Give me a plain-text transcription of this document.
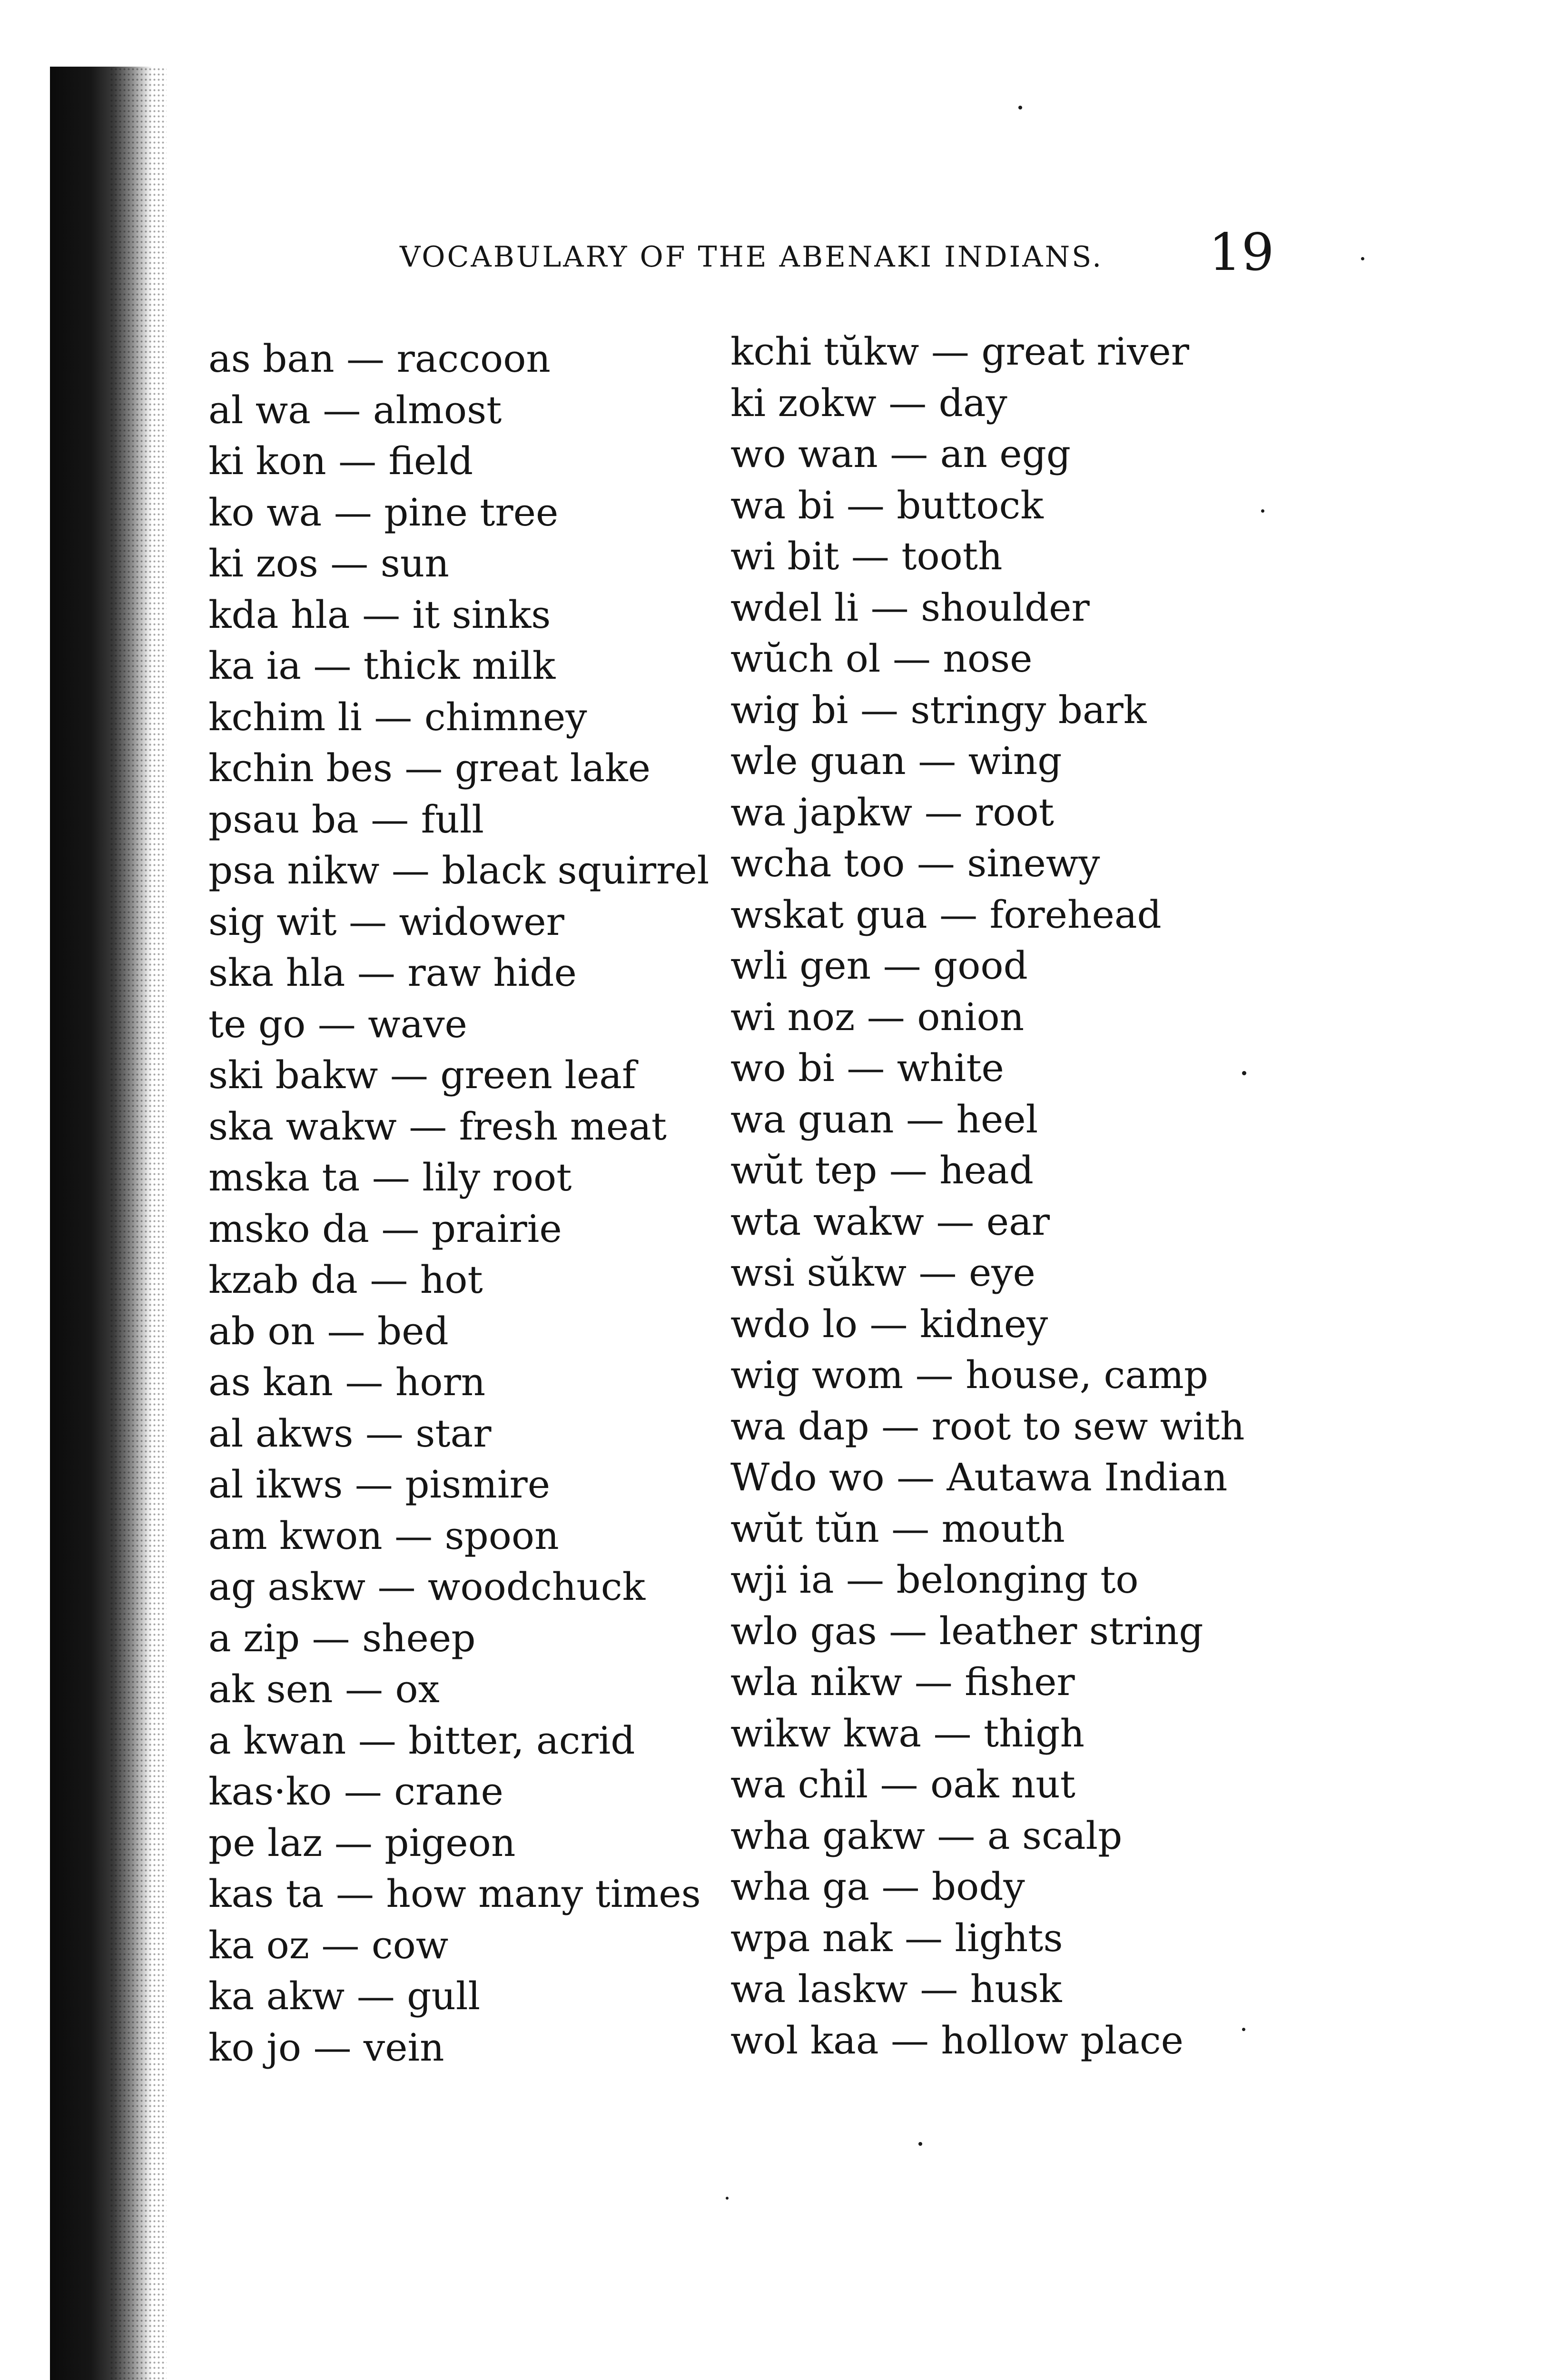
VOCABULARY OF THE ABENAKI INDIANS. 19
as ban — raccoon
al wa — almost
ki kon — field
ko wa — pine tree
ki zos — sun
kda hla — it sinks
ka ia — thick milk
kchim li — chimney
kchin bes — great lake
psau ba — full
psa nikw — black squirrel
sig wit — widower
ska hla — raw hide
te go — wave
ski bakw — green leaf
ska wakw — fresh meat
mska ta — lily root
msko da — prairie
kzab da — hot
ab on — bed
as kan — horn
al akws — star
al ikws — pismire
am kwon — spoon
ag askw — woodchuck
a zip — sheep
ak sen — ox
a kwan — bitter, acrid
kas·ko — crane
pe laz — pigeon
kas ta — how many times
ka oz — cow
ka akw — gull
ko jo — vein
kchi tŭkw — great river
ki zokw — day
wo wan — an egg
wa bi — buttock
wi bit — tooth
wdel li — shoulder
wŭch ol — nose
wig bi — stringy bark
wle guan — wing
wa japkw — root
wcha too — sinewy
wskat gua — forehead
wli gen — good
wi noz — onion
wo bi — white
wa guan — heel
wŭt tep — head
wta wakw — ear
wsi sŭkw — eye
wdo lo — kidney
wig wom — house, camp
wa dap — root to sew with
Wdo wo — Autawa Indian
wŭt tŭn — mouth
wji ia — belonging to
wlo gas — leather string
wla nikw — fisher
wikw kwa — thigh
wa chil — oak nut
wha gakw — a scalp
wha ga — body
wpa nak — lights
wa laskw — husk
wol kaa — hollow place
